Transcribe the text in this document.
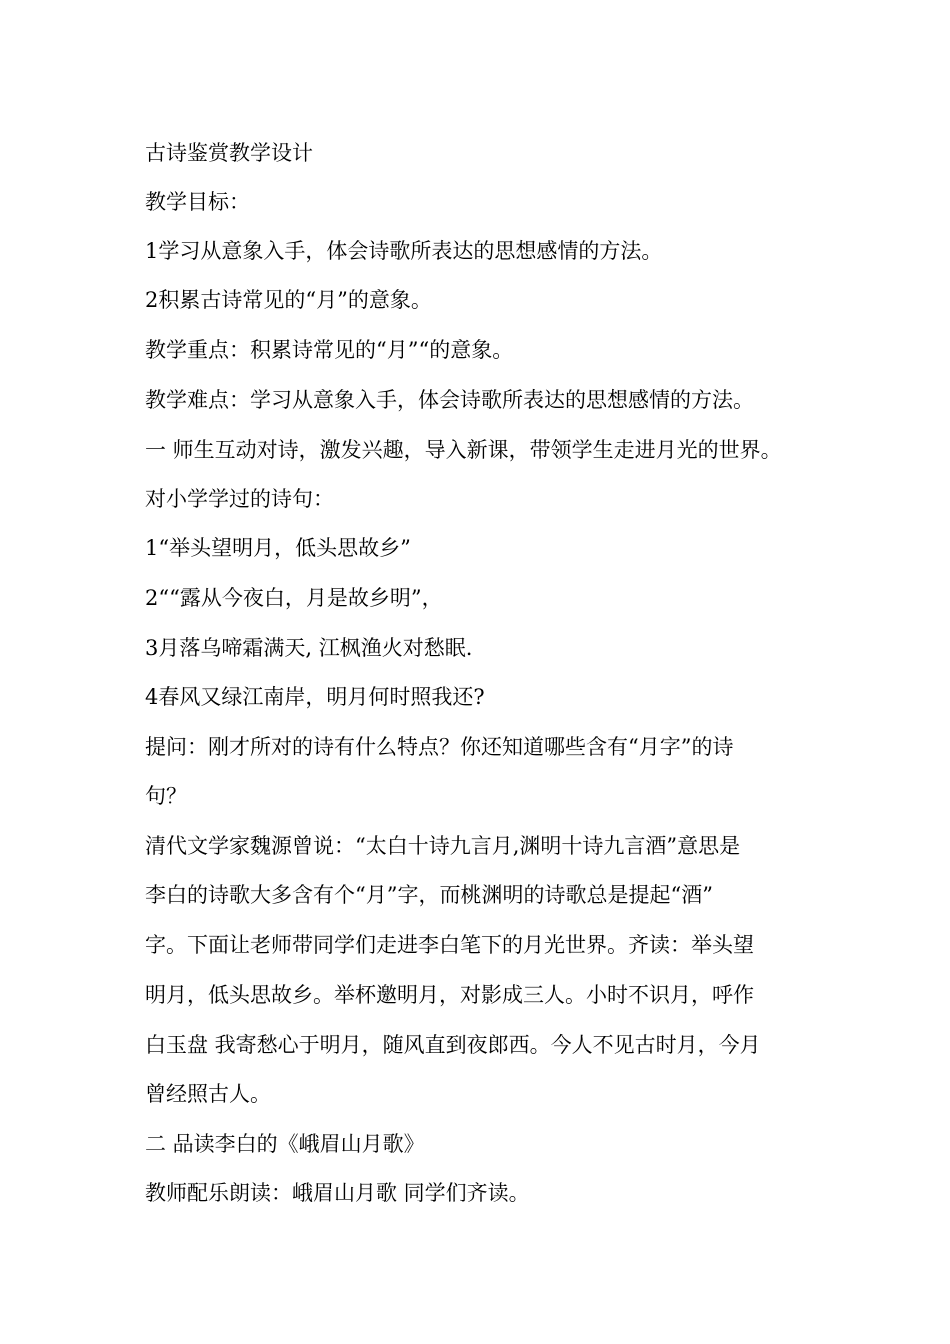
古诗鉴赏教学设计
教学目标：
1学习从意象入手，体会诗歌所表达的思想感情的方法。
2积累古诗常见的“月”的意象。
教学重点：积累诗常见的“月”“的意象。
教学难点：学习从意象入手，体会诗歌所表达的思想感情的方法。
一 师生互动对诗，激发兴趣，导入新课，带领学生走进月光的世界。
对小学学过的诗句：
1“举头望明月，低头思故乡”
2““露从今夜白，月是故乡明”，
3月落乌啼霜满天, 江枫渔火对愁眠.
4春风又绿江南岸，明月何时照我还?
提问：刚才所对的诗有什么特点？你还知道哪些含有“月字”的诗
句？
清代文学家魏源曾说：“太白十诗九言月,渊明十诗九言酒”意思是
李白的诗歌大多含有个“月”字，而桃渊明的诗歌总是提起“酒”
字。下面让老师带同学们走进李白笔下的月光世界。齐读：举头望
明月，低头思故乡。举杯邀明月，对影成三人。小时不识月，呼作
白玉盘 我寄愁心于明月，随风直到夜郎西。今人不见古时月，今月
曾经照古人。
二 品读李白的《峨眉山月歌》
教师配乐朗读：峨眉山月歌 同学们齐读。
